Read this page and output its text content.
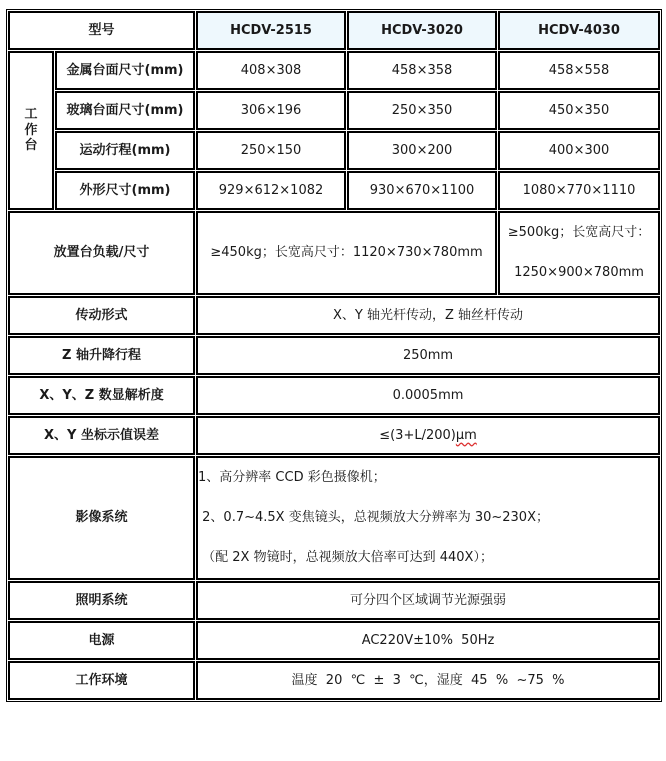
型号		HCDV-2515	HCDV-3020	HCDV-4030

工
作
台	金属台面尺寸(mm)	408×308	458×358	458×558
	玻璃台面尺寸(mm)	306×196	250×350	450×350
	运动行程(mm)	250×150	300×200	400×300
	外形尺寸(mm)	929×612×1082	930×670×1100	1080×770×1110
放置台负载/尺寸		≥450kg；长宽高尺寸：1120×730×780mm		≥500kg；长宽高尺寸：
1250×900×780mm

传动形式		X、Y 轴光杆传动，Z 轴丝杆传动		
Z 轴升降行程		250mm		
X、Y、Z 数显解析度		0.0005mm		
X、Y 坐标示值误差		≤(3+L/200)μm		
影像系统		1、高分辨率 CCD 彩色摄像机；
2、0.7~4.5X 变焦镜头，总视频放大分辨率为 30~230X；
（配 2X 物镜时，总视频放大倍率可达到 440X）；		

照明系统		可分四个区域调节光源强弱		
电源		AC220V±10%  50Hz		
工作环境		温度  20  ℃  ±  3  ℃，湿度  45  %  ~75  %		
